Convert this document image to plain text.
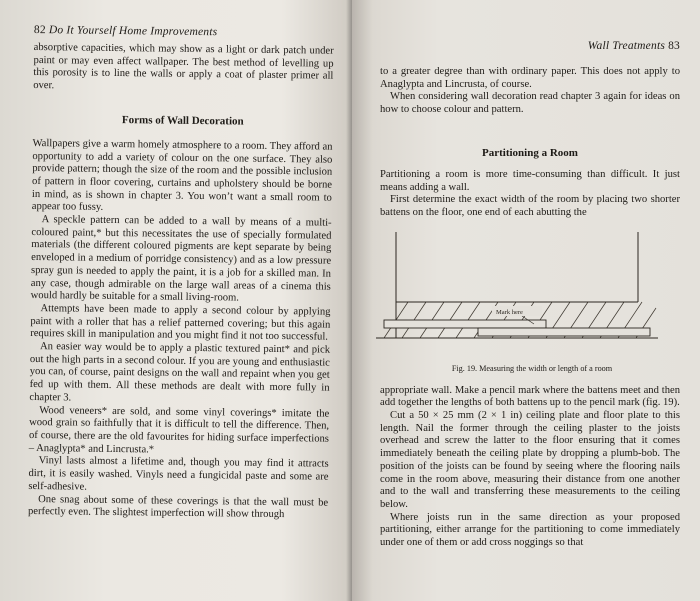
82 Do It Yourself Home Improvements

absorptive capacities, which may show as a light or dark patch under paint or may even affect wallpaper. The best method of levelling up this porosity is to line the walls or apply a coat of plaster primer all over.

Forms of Wall Decoration

Wallpapers give a warm homely atmosphere to a room. They afford an opportunity to add a variety of colour on the one surface. They also provide pattern; though the size of the room and the possible inclusion of pattern in floor covering, curtains and upholstery should be borne in mind, as is shown in chapter 3. You won’t want a small room to appear too fussy.

A speckle pattern can be added to a wall by means of a multi-coloured paint,* but this necessitates the use of specially formulated materials (the different coloured pigments are kept separate by being enveloped in a medium of porridge consistency) and as a low pressure spray gun is needed to apply the paint, it is a job for a skilled man. In any case, though admirable on the large wall areas of a cinema this would hardly be suitable for a small living-room.

Attempts have been made to apply a second colour by applying paint with a roller that has a relief patterned covering; but this again requires skill in manipulation and you might find it not too successful.

An easier way would be to apply a plastic textured paint* and pick out the high parts in a second colour. If you are young and enthusiastic you can, of course, paint designs on the wall and repaint when you get fed up with them. All these methods are dealt with more fully in chapter 3.

Wood veneers* are sold, and some vinyl coverings* imitate the wood grain so faithfully that it is difficult to tell the difference. Then, of course, there are the old favourites for hiding surface imperfections – Anaglypta* and Lincrusta.*

Vinyl lasts almost a lifetime and, though you may find it attracts dirt, it is easily washed. Vinyls need a fungicidal paste and some are self-adhesive.

One snag about some of these coverings is that the wall must be perfectly even. The slightest imperfection will show through

Wall Treatments 83

to a greater degree than with ordinary paper. This does not apply to Anaglypta and Lincrusta, of course.

When considering wall decoration read chapter 3 again for ideas on how to choose colour and pattern.

Partitioning a Room

Partitioning a room is more time-consuming than difficult. It just means adding a wall.

First determine the exact width of the room by placing two shorter battens on the floor, one end of each abutting the

Mark here
Fig. 19. Measuring the width or length of a room

appropriate wall. Make a pencil mark where the battens meet and then add together the lengths of both battens up to the pencil mark (fig. 19).

Cut a 50 × 25 mm (2 × 1 in) ceiling plate and floor plate to this length. Nail the former through the ceiling plaster to the joists overhead and screw the latter to the floor ensuring that it comes immediately beneath the ceiling plate by dropping a plumb-bob. The position of the joists can be found by seeing where the flooring nails come in the room above, measuring their distance from one another and to the wall and transferring these measurements to the ceiling below.

Where joists run in the same direction as your proposed partitioning, either arrange for the partitioning to come immediately under one of them or add cross noggings so that
